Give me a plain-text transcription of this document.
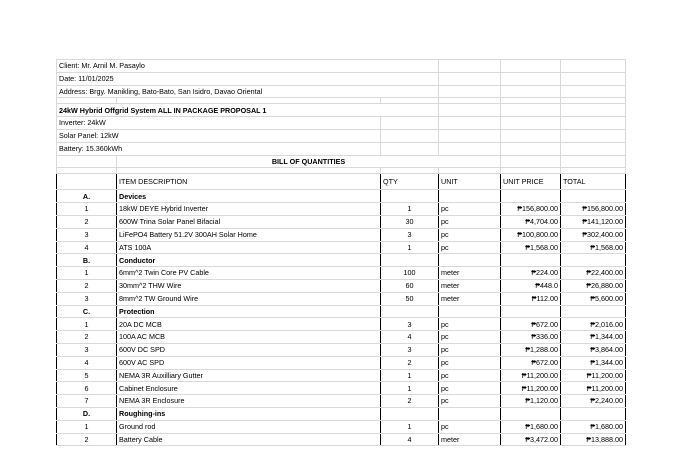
Client: Mr. Arnil M. Pasaylo					
Date: 11/01/2025					
Address: Brgy. Manikling, Bato-Bato, San Isidro, Davao Oriental					

24kW Hybrid Offgrid System ALL IN PACKAGE PROPOSAL 1					
Inverter: 24kW					
Solar Panel: 12kW					
Battery: 15.360kWh					
	BILL OF QUANTITIES				

	ITEM DESCRIPTION	QTY	UNIT	UNIT PRICE	TOTAL
A.	Devices				
1	18kW DEYE Hybrid Inverter	1	pc	₱156,800.00	₱156,800.00
2	600W Trina Solar Panel Bifacial	30	pc	₱4,704.00	₱141,120.00
3	LiFePO4 Battery 51.2V 300AH Solar Home	3	pc	₱100,800.00	₱302,400.00
4	ATS 100A	1	pc	₱1,568.00	₱1,568.00
B.	Conductor				
1	6mm^2 Twin Core PV Cable	100	meter	₱224.00	₱22,400.00
2	30mm^2 THW Wire	60	meter	₱448.0	₱26,880.00
3	8mm^2 TW Ground Wire	50	meter	₱112.00	₱5,600.00
C.	Protection				
1	20A DC MCB	3	pc	₱672.00	₱2,016.00
2	100A AC MCB	4	pc	₱336.00	₱1,344.00
3	600V DC SPD	3	pc	₱1,288.00	₱3,864.00
4	600V AC SPD	2	pc	₱672.00	₱1,344.00
5	NEMA 3R Auxilliary Gutter	1	pc	₱11,200.00	₱11,200.00
6	Cabinet Enclosure	1	pc	₱11,200.00	₱11,200.00
7	NEMA 3R Enclosure	2	pc	₱1,120.00	₱2,240.00
D.	Roughing-ins				
1	Ground rod	1	pc	₱1,680.00	₱1,680.00
2	Battery Cable	4	meter	₱3,472.00	₱13,888.00
